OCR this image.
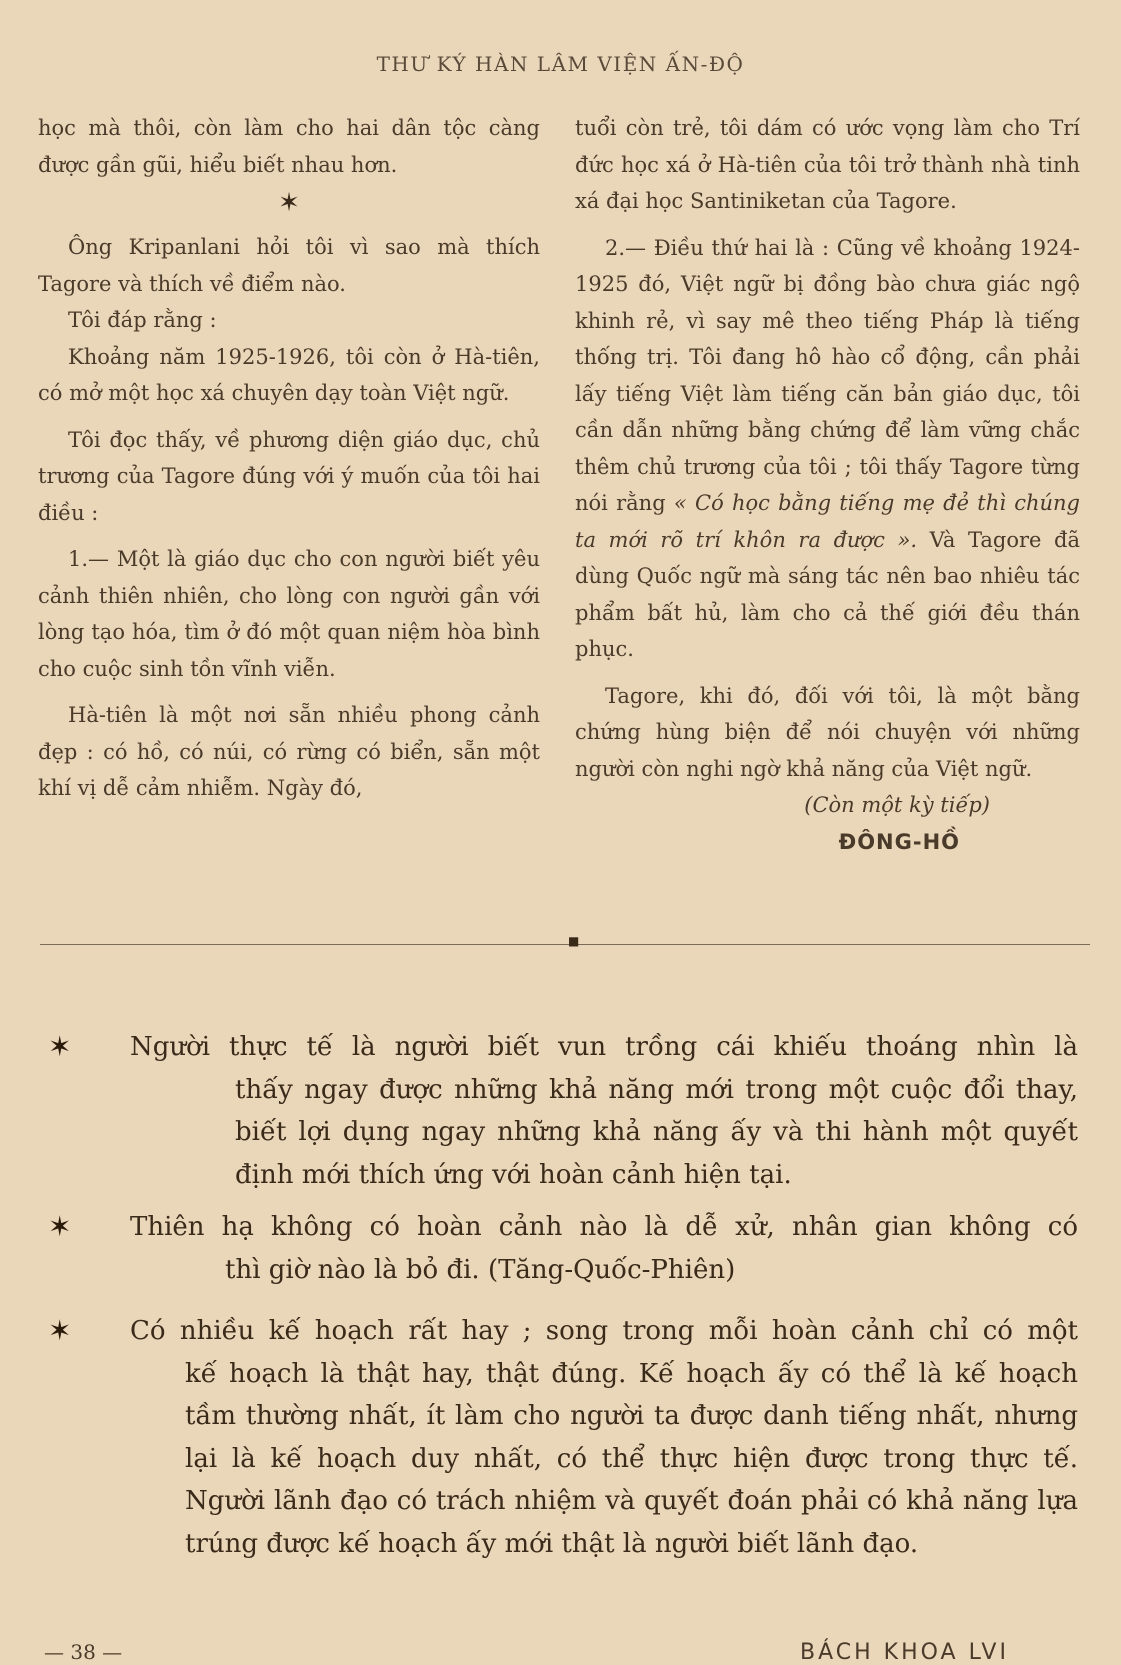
THƯ KÝ HÀN LÂM VIỆN ẤN-ĐỘ

học mà thôi, còn làm cho hai dân tộc càng được gần gũi, hiểu biết nhau hơn.

✶

Ông Kripanlani hỏi tôi vì sao mà thích Tagore và thích về điểm nào.

Tôi đáp rằng :

Khoảng năm 1925-1926, tôi còn ở Hà-tiên, có mở một học xá chuyên dạy toàn Việt ngữ.

Tôi đọc thấy, về phương diện giáo dục, chủ trương của Tagore đúng với ý muốn của tôi hai điều :

1.— Một là giáo dục cho con người biết yêu cảnh thiên nhiên, cho lòng con người gần với lòng tạo hóa, tìm ở đó một quan niệm hòa bình cho cuộc sinh tồn vĩnh viễn.

Hà-tiên là một nơi sẵn nhiều phong cảnh đẹp : có hồ, có núi, có rừng có biển, sẵn một khí vị dễ cảm nhiễm. Ngày đó,

tuổi còn trẻ, tôi dám có ước vọng làm cho Trí đức học xá ở Hà-tiên của tôi trở thành nhà tinh xá đại học Santiniketan của Tagore.

2.— Điều thứ hai là : Cũng về khoảng 1924-1925 đó, Việt ngữ bị đồng bào chưa giác ngộ khinh rẻ, vì say mê theo tiếng Pháp là tiếng thống trị. Tôi đang hô hào cổ động, cần phải lấy tiếng Việt làm tiếng căn bản giáo dục, tôi cần dẫn những bằng chứng để làm vững chắc thêm chủ trương của tôi ; tôi thấy Tagore từng nói rằng « Có học bằng tiếng mẹ đẻ thì chúng ta mới rõ trí khôn ra được ». Và Tagore đã dùng Quốc ngữ mà sáng tác nên bao nhiêu tác phẩm bất hủ, làm cho cả thế giới đều thán phục.

Tagore, khi đó, đối với tôi, là một bằng chứng hùng biện để nói chuyện với những người còn nghi ngờ khả năng của Việt ngữ.

(Còn một kỳ tiếp)

ĐÔNG-HỒ

■
✶ Người thực tế là người biết vun trồng cái khiếu thoáng nhìn là
thấy ngay được những khả năng mới trong một cuộc đổi thay, biết lợi dụng ngay những khả năng ấy và thi hành một quyết định mới thích ứng với hoàn cảnh hiện tại.
✶ Thiên hạ không có hoàn cảnh nào là dễ xử, nhân gian không có
thì giờ nào là bỏ đi. (Tăng-Quốc-Phiên)
✶ Có nhiều kế hoạch rất hay ; song trong mỗi hoàn cảnh chỉ có một
kế hoạch là thật hay, thật đúng. Kế hoạch ấy có thể là kế hoạch tầm thường nhất, ít làm cho người ta được danh tiếng nhất, nhưng lại là kế hoạch duy nhất, có thể thực hiện được trong thực tế. Người lãnh đạo có trách nhiệm và quyết đoán phải có khả năng lựa trúng được kế hoạch ấy mới thật là người biết lãnh đạo.
— 38 —	BÁCH KHOA LVI
